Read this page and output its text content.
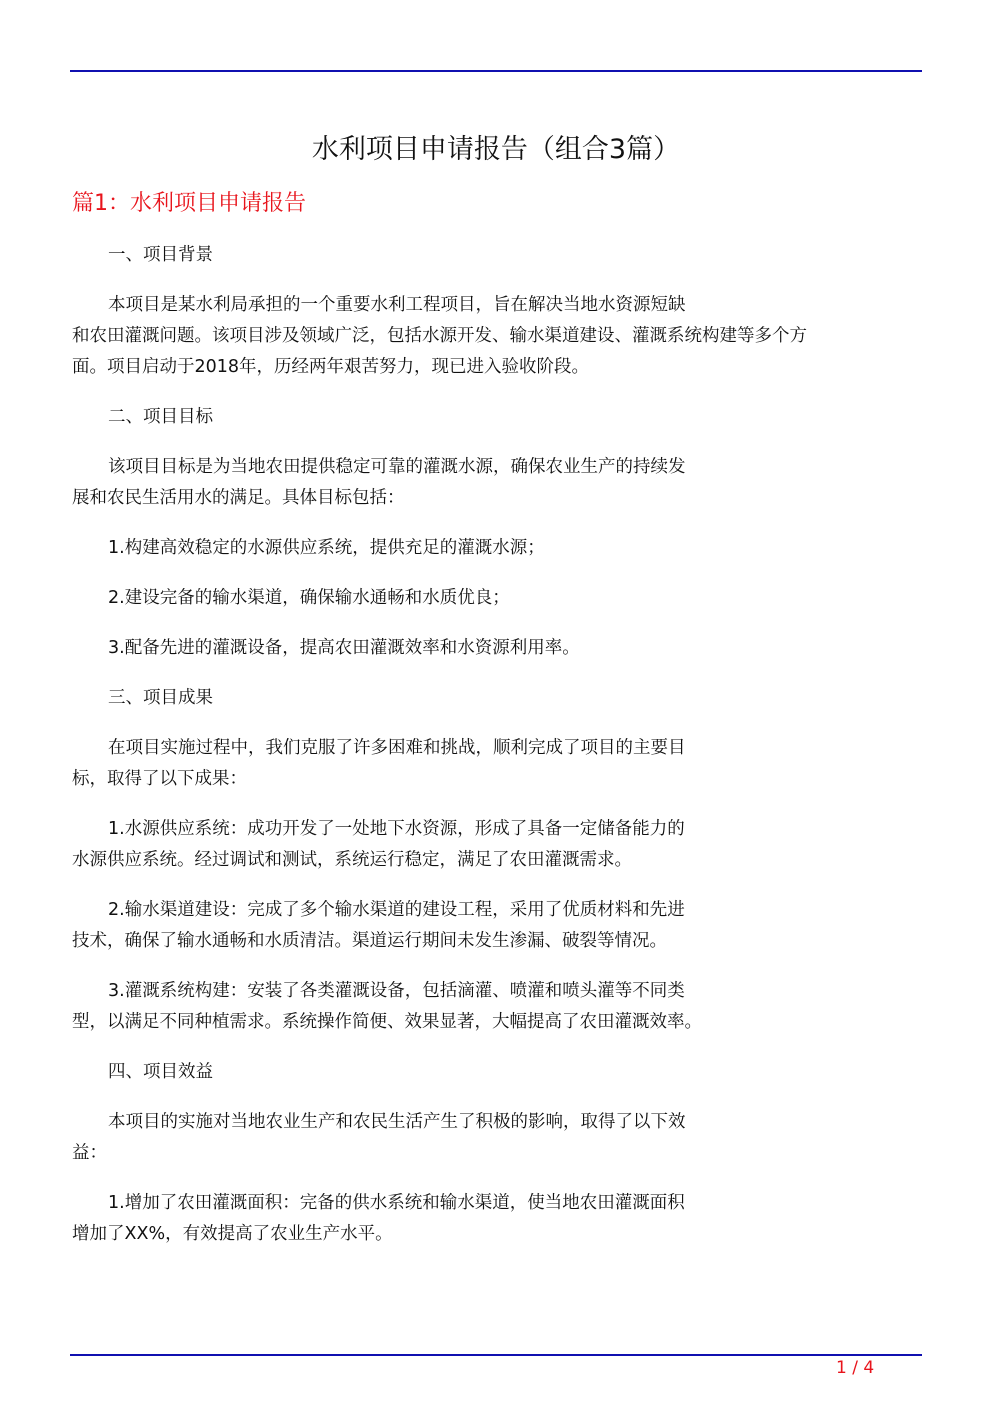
水利项目申请报告（组合3篇）
篇1：水利项目申请报告
一、项目背景
本项目是某水利局承担的一个重要水利工程项目，旨在解决当地水资源短缺
和农田灌溉问题。该项目涉及领域广泛，包括水源开发、输水渠道建设、灌溉系统构建等多个方
面。项目启动于2018年，历经两年艰苦努力，现已进入验收阶段。
二、项目目标
该项目目标是为当地农田提供稳定可靠的灌溉水源，确保农业生产的持续发
展和农民生活用水的满足。具体目标包括：
1.构建高效稳定的水源供应系统，提供充足的灌溉水源；
2.建设完备的输水渠道，确保输水通畅和水质优良；
3.配备先进的灌溉设备，提高农田灌溉效率和水资源利用率。
三、项目成果
在项目实施过程中，我们克服了许多困难和挑战，顺利完成了项目的主要目
标，取得了以下成果：
1.水源供应系统：成功开发了一处地下水资源，形成了具备一定储备能力的
水源供应系统。经过调试和测试，系统运行稳定，满足了农田灌溉需求。
2.输水渠道建设：完成了多个输水渠道的建设工程，采用了优质材料和先进
技术，确保了输水通畅和水质清洁。渠道运行期间未发生渗漏、破裂等情况。
3.灌溉系统构建：安装了各类灌溉设备，包括滴灌、喷灌和喷头灌等不同类
型，以满足不同种植需求。系统操作简便、效果显著，大幅提高了农田灌溉效率。
四、项目效益
本项目的实施对当地农业生产和农民生活产生了积极的影响，取得了以下效
益：
1.增加了农田灌溉面积：完备的供水系统和输水渠道，使当地农田灌溉面积
增加了XX%，有效提高了农业生产水平。
1 / 4
